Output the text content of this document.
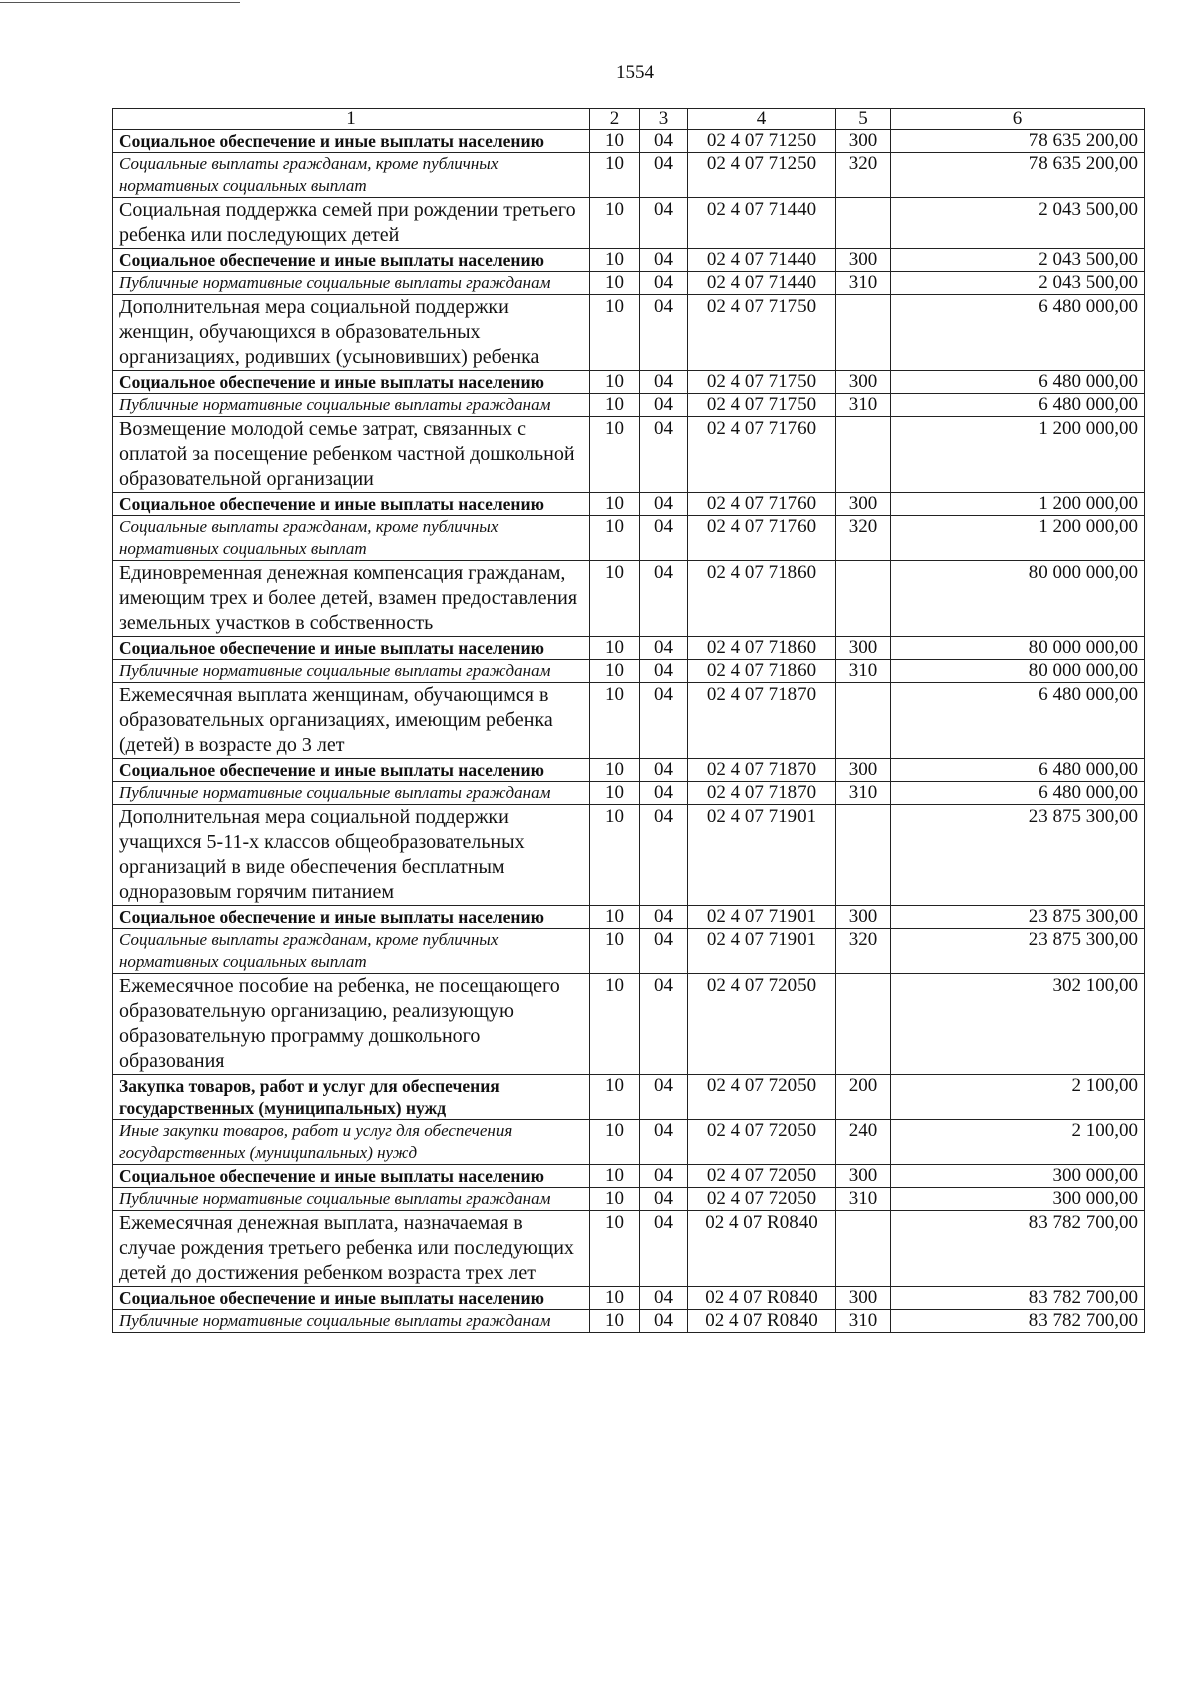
1554
1	2	3	4	5	6
Социальное обеспечение и иные выплаты населению	10	04	02 4 07 71250	300	78 635 200,00
Социальные выплаты гражданам, кроме публичных нормативных социальных выплат	10	04	02 4 07 71250	320	78 635 200,00
Социальная поддержка семей при рождении третьего ребенка или последующих детей	10	04	02 4 07 71440		2 043 500,00
Социальное обеспечение и иные выплаты населению	10	04	02 4 07 71440	300	2 043 500,00
Публичные нормативные социальные выплаты гражданам	10	04	02 4 07 71440	310	2 043 500,00
Дополнительная мера социальной поддержки женщин, обучающихся в образовательных организациях, родивших (усыновивших) ребенка	10	04	02 4 07 71750		6 480 000,00
Социальное обеспечение и иные выплаты населению	10	04	02 4 07 71750	300	6 480 000,00
Публичные нормативные социальные выплаты гражданам	10	04	02 4 07 71750	310	6 480 000,00
Возмещение молодой семье затрат, связанных с оплатой за посещение ребенком частной дошкольной образовательной организации	10	04	02 4 07 71760		1 200 000,00
Социальное обеспечение и иные выплаты населению	10	04	02 4 07 71760	300	1 200 000,00
Социальные выплаты гражданам, кроме публичных нормативных социальных выплат	10	04	02 4 07 71760	320	1 200 000,00
Единовременная денежная компенсация гражданам, имеющим трех и более детей, взамен предоставления земельных участков в собственность	10	04	02 4 07 71860		80 000 000,00
Социальное обеспечение и иные выплаты населению	10	04	02 4 07 71860	300	80 000 000,00
Публичные нормативные социальные выплаты гражданам	10	04	02 4 07 71860	310	80 000 000,00
Ежемесячная выплата женщинам, обучающимся в образовательных организациях, имеющим ребенка (детей) в возрасте до 3 лет	10	04	02 4 07 71870		6 480 000,00
Социальное обеспечение и иные выплаты населению	10	04	02 4 07 71870	300	6 480 000,00
Публичные нормативные социальные выплаты гражданам	10	04	02 4 07 71870	310	6 480 000,00
Дополнительная мера социальной поддержки учащихся 5-11-х классов общеобразовательных организаций в виде обеспечения бесплатным одноразовым горячим питанием	10	04	02 4 07 71901		23 875 300,00
Социальное обеспечение и иные выплаты населению	10	04	02 4 07 71901	300	23 875 300,00
Социальные выплаты гражданам, кроме публичных нормативных социальных выплат	10	04	02 4 07 71901	320	23 875 300,00
Ежемесячное пособие на ребенка, не посещающего образовательную организацию, реализующую образовательную программу дошкольного образования	10	04	02 4 07 72050		302 100,00
Закупка товаров, работ и услуг для обеспечения государственных (муниципальных) нужд	10	04	02 4 07 72050	200	2 100,00
Иные закупки товаров, работ и услуг для обеспечения государственных (муниципальных) нужд	10	04	02 4 07 72050	240	2 100,00
Социальное обеспечение и иные выплаты населению	10	04	02 4 07 72050	300	300 000,00
Публичные нормативные социальные выплаты гражданам	10	04	02 4 07 72050	310	300 000,00
Ежемесячная денежная выплата, назначаемая в случае рождения третьего ребенка или последующих детей до достижения ребенком возраста трех лет	10	04	02 4 07 R0840		83 782 700,00
Социальное обеспечение и иные выплаты населению	10	04	02 4 07 R0840	300	83 782 700,00
Публичные нормативные социальные выплаты гражданам	10	04	02 4 07 R0840	310	83 782 700,00
